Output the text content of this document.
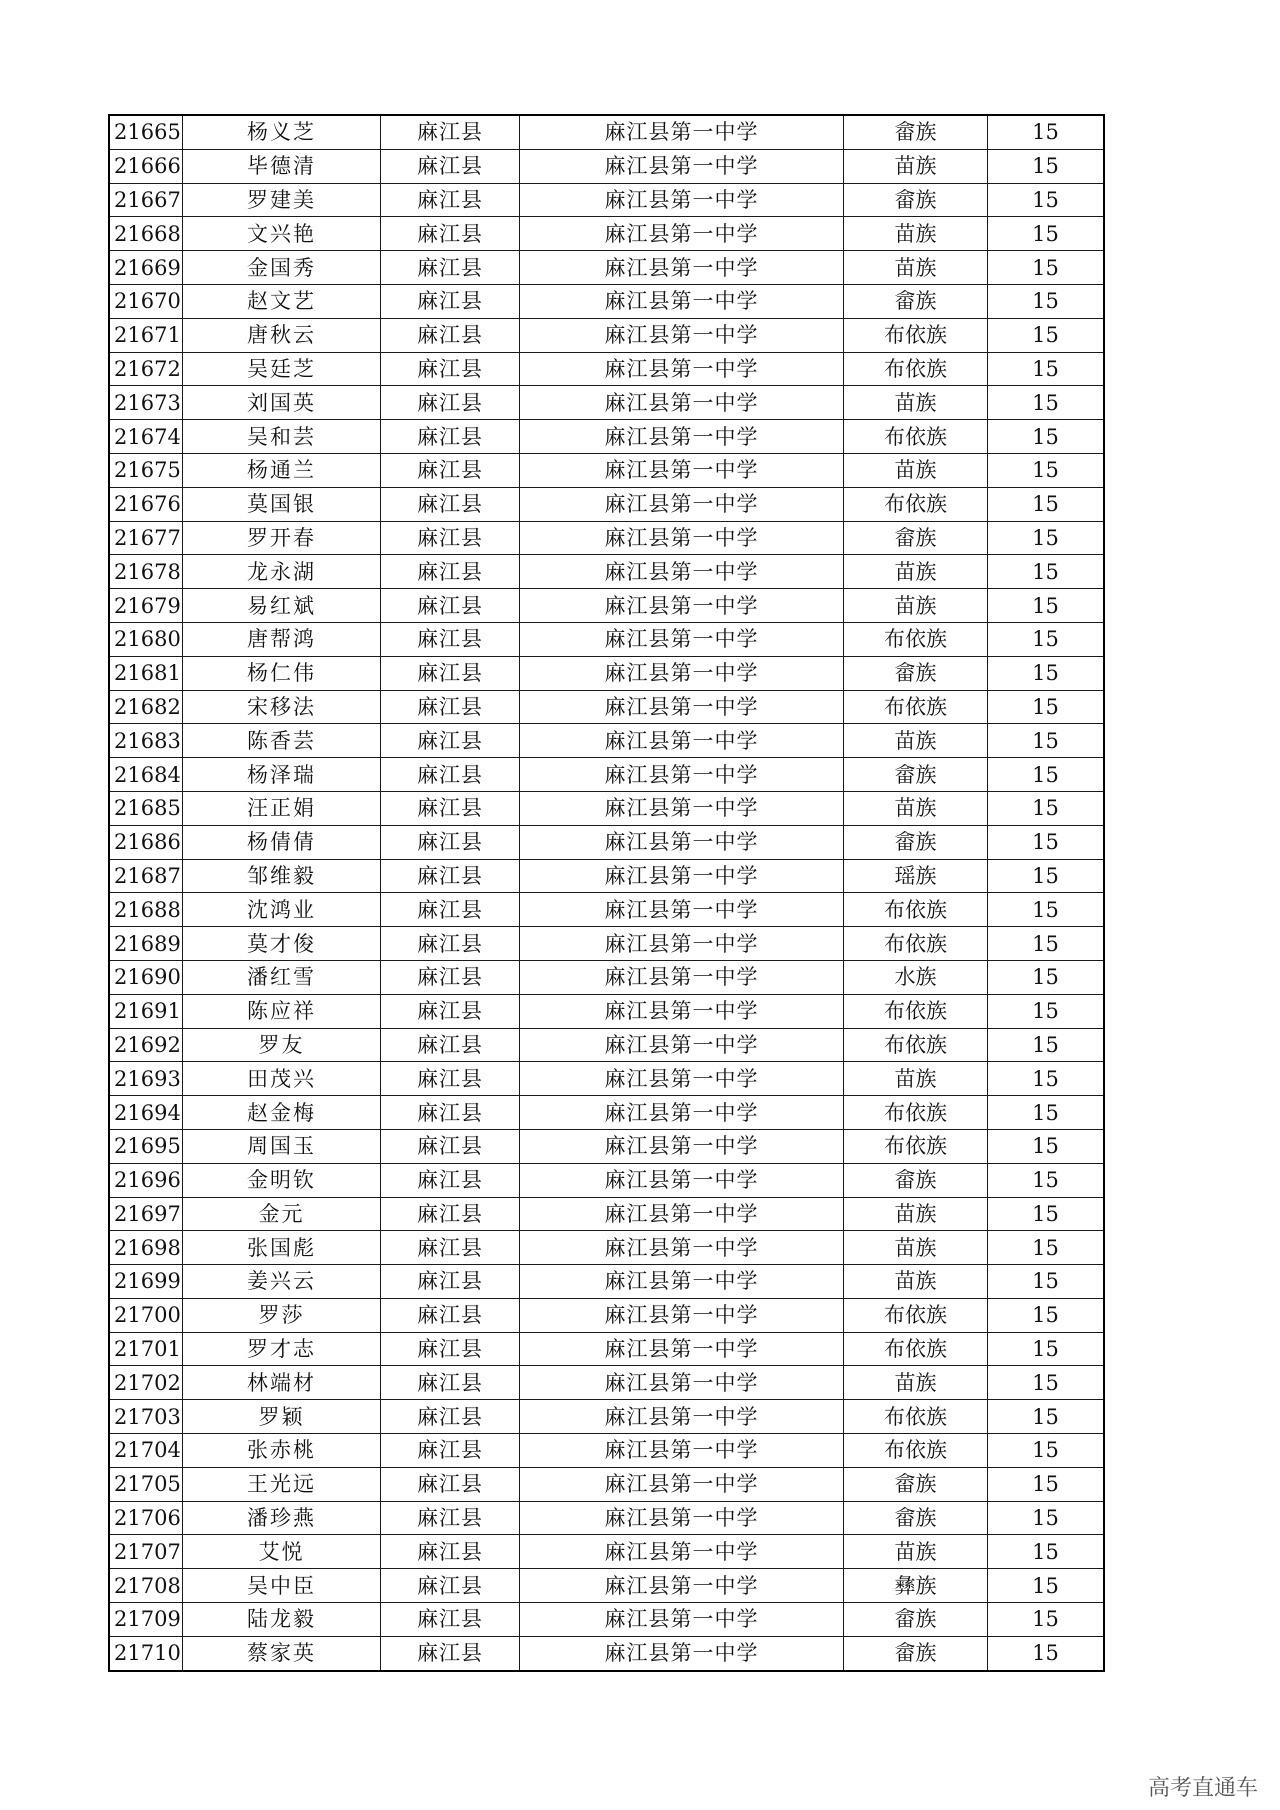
21665	杨义芝	麻江县	麻江县第一中学	畲族	15
21666	毕德清	麻江县	麻江县第一中学	苗族	15
21667	罗建美	麻江县	麻江县第一中学	畲族	15
21668	文兴艳	麻江县	麻江县第一中学	苗族	15
21669	金国秀	麻江县	麻江县第一中学	苗族	15
21670	赵文艺	麻江县	麻江县第一中学	畲族	15
21671	唐秋云	麻江县	麻江县第一中学	布依族	15
21672	吴廷芝	麻江县	麻江县第一中学	布依族	15
21673	刘国英	麻江县	麻江县第一中学	苗族	15
21674	吴和芸	麻江县	麻江县第一中学	布依族	15
21675	杨通兰	麻江县	麻江县第一中学	苗族	15
21676	莫国银	麻江县	麻江县第一中学	布依族	15
21677	罗开春	麻江县	麻江县第一中学	畲族	15
21678	龙永湖	麻江县	麻江县第一中学	苗族	15
21679	易红斌	麻江县	麻江县第一中学	苗族	15
21680	唐帮鸿	麻江县	麻江县第一中学	布依族	15
21681	杨仁伟	麻江县	麻江县第一中学	畲族	15
21682	宋移法	麻江县	麻江县第一中学	布依族	15
21683	陈香芸	麻江县	麻江县第一中学	苗族	15
21684	杨泽瑞	麻江县	麻江县第一中学	畲族	15
21685	汪正娟	麻江县	麻江县第一中学	苗族	15
21686	杨倩倩	麻江县	麻江县第一中学	畲族	15
21687	邹维毅	麻江县	麻江县第一中学	瑶族	15
21688	沈鸿业	麻江县	麻江县第一中学	布依族	15
21689	莫才俊	麻江县	麻江县第一中学	布依族	15
21690	潘红雪	麻江县	麻江县第一中学	水族	15
21691	陈应祥	麻江县	麻江县第一中学	布依族	15
21692	罗友	麻江县	麻江县第一中学	布依族	15
21693	田茂兴	麻江县	麻江县第一中学	苗族	15
21694	赵金梅	麻江县	麻江县第一中学	布依族	15
21695	周国玉	麻江县	麻江县第一中学	布依族	15
21696	金明钦	麻江县	麻江县第一中学	畲族	15
21697	金元	麻江县	麻江县第一中学	苗族	15
21698	张国彪	麻江县	麻江县第一中学	苗族	15
21699	姜兴云	麻江县	麻江县第一中学	苗族	15
21700	罗莎	麻江县	麻江县第一中学	布依族	15
21701	罗才志	麻江县	麻江县第一中学	布依族	15
21702	林端材	麻江县	麻江县第一中学	苗族	15
21703	罗颖	麻江县	麻江县第一中学	布依族	15
21704	张赤桃	麻江县	麻江县第一中学	布依族	15
21705	王光远	麻江县	麻江县第一中学	畲族	15
21706	潘珍燕	麻江县	麻江县第一中学	畲族	15
21707	艾悦	麻江县	麻江县第一中学	苗族	15
21708	吴中臣	麻江县	麻江县第一中学	彝族	15
21709	陆龙毅	麻江县	麻江县第一中学	畲族	15
21710	蔡家英	麻江县	麻江县第一中学	畲族	15
高考直通车
